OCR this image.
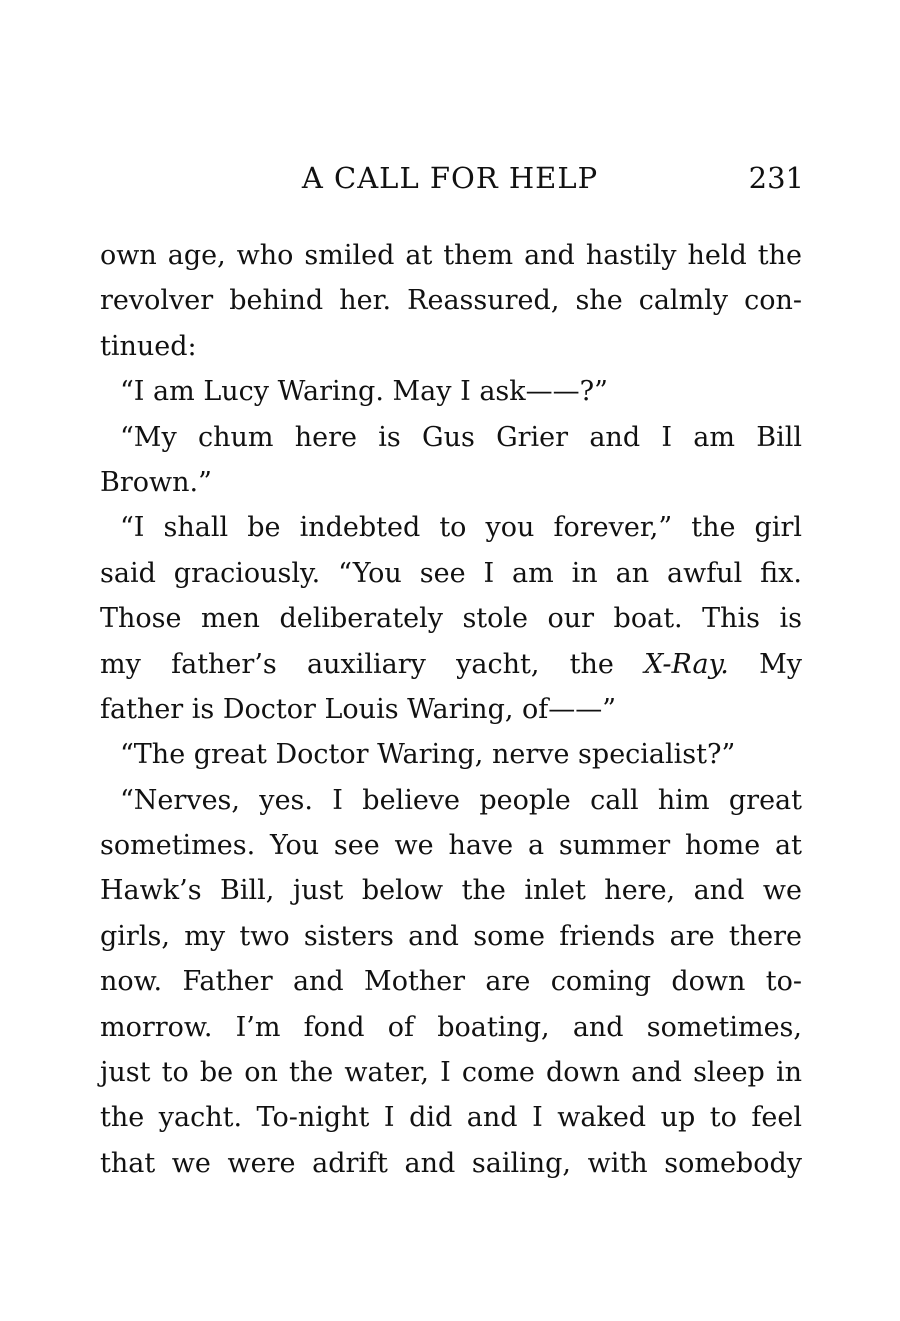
A CALL FOR HELP	231
own age, who smiled at them and hastily held the
revolver behind her. Reassured, she calmly con-
tinued:
“I am Lucy Waring. May I ask——?”
“My chum here is Gus Grier and I am Bill
Brown.”
“I shall be indebted to you forever,” the girl
said graciously. “You see I am in an awful fix.
Those men deliberately stole our boat. This is
my father’s auxiliary yacht, the X-Ray. My
father is Doctor Louis Waring, of——”
“The great Doctor Waring, nerve specialist?”
“Nerves, yes. I believe people call him great
sometimes. You see we have a summer home at
Hawk’s Bill, just below the inlet here, and we
girls, my two sisters and some friends are there
now. Father and Mother are coming down to-
morrow. I’m fond of boating, and sometimes,
just to be on the water, I come down and sleep in
the yacht. To-night I did and I waked up to feel
that we were adrift and sailing, with somebody
